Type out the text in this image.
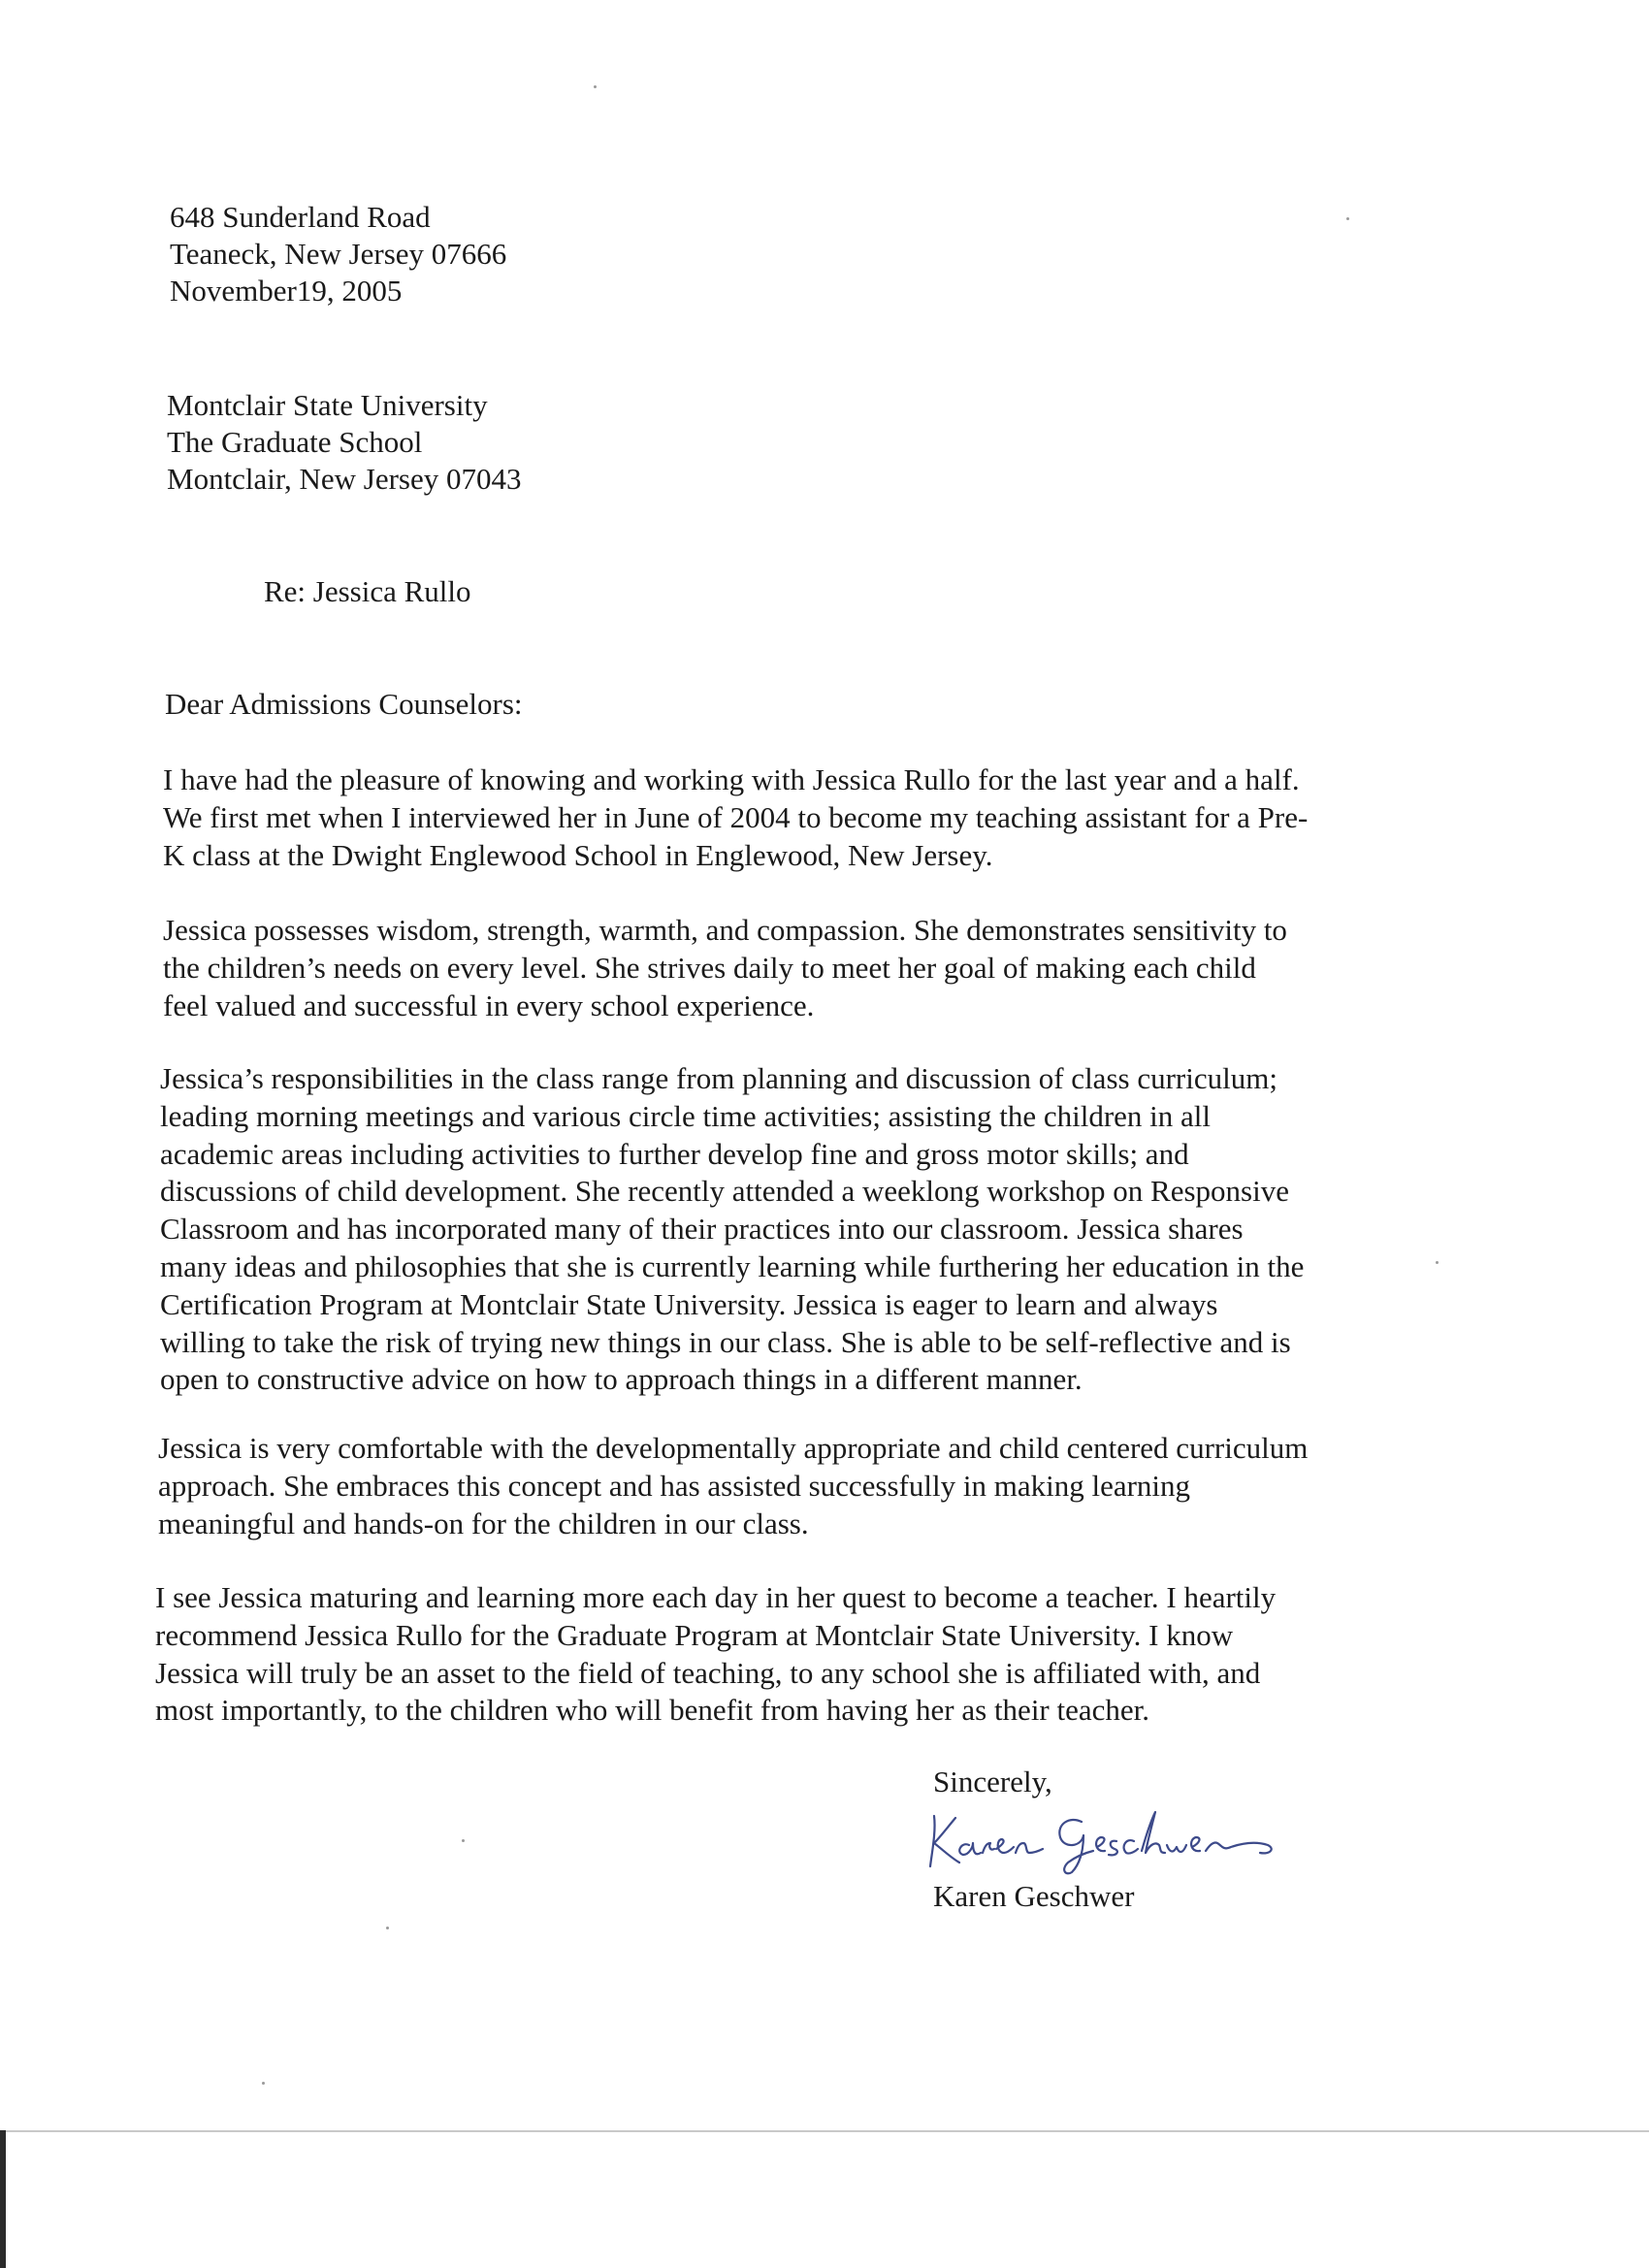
648 Sunderland Road
Teaneck, New Jersey 07666
November19, 2005
Montclair State University
The Graduate School
Montclair, New Jersey 07043

Re: Jessica Rullo

Dear Admissions Counselors:

I have had the pleasure of knowing and working with Jessica Rullo for the last year and a half.
We first met when I interviewed her in June of 2004 to become my teaching assistant for a Pre-
K class at the Dwight Englewood School in Englewood, New Jersey.
Jessica possesses wisdom, strength, warmth, and compassion. She demonstrates sensitivity to
the children’s needs on every level. She strives daily to meet her goal of making each child
feel valued and successful in every school experience.
Jessica’s responsibilities in the class range from planning and discussion of class curriculum;
leading morning meetings and various circle time activities; assisting the children in all
academic areas including activities to further develop fine and gross motor skills; and
discussions of child development. She recently attended a weeklong workshop on Responsive
Classroom and has incorporated many of their practices into our classroom. Jessica shares
many ideas and philosophies that she is currently learning while furthering her education in the
Certification Program at Montclair State University. Jessica is eager to learn and always
willing to take the risk of trying new things in our class. She is able to be self-reflective and is
open to constructive advice on how to approach things in a different manner.
Jessica is very comfortable with the developmentally appropriate and child centered curriculum
approach. She embraces this concept and has assisted successfully in making learning
meaningful and hands-on for the children in our class.
I see Jessica maturing and learning more each day in her quest to become a teacher. I heartily
recommend Jessica Rullo for the Graduate Program at Montclair State University. I know
Jessica will truly be an asset to the field of teaching, to any school she is affiliated with, and
most importantly, to the children who will benefit from having her as their teacher.

Sincerely,

Karen Geschwer
